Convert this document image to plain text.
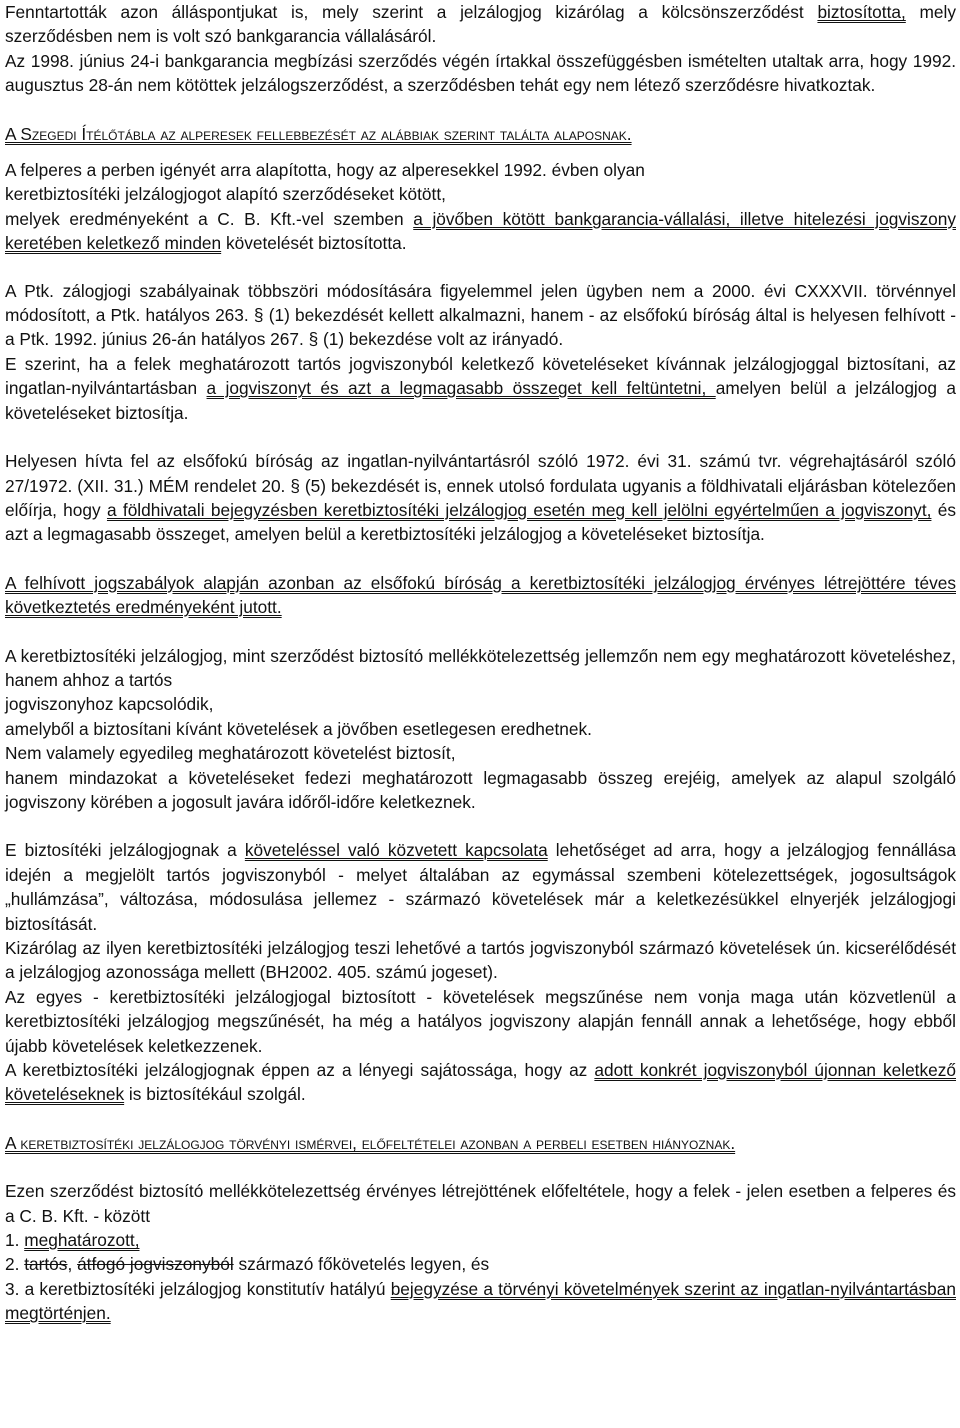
Fenntartották azon álláspontjukat is, mely szerint a jelzálogjog kizárólag a kölcsönszerződést biztosította, mely szerződésben nem is volt szó bankgarancia vállalásáról.
Az 1998. június 24-i bankgarancia megbízási szerződés végén írtakkal összefüggésben ismételten utaltak arra, hogy 1992. augusztus 28-án nem kötöttek jelzálogszerződést, a szerződésben tehát egy nem létező szerződésre hivatkoztak.

A Szegedi Ítélőtábla az alperesek fellebbezését az alábbiak szerint találta alaposnak.

A felperes a perben igényét arra alapította, hogy az alperesekkel 1992. évben olyan
keretbiztosítéki jelzálogjogot alapító szerződéseket kötött,
melyek eredményeként a C. B. Kft.-vel szemben a jövőben kötött bankgarancia-vállalási, illetve hitelezési jogviszony keretében keletkező minden követelését biztosította.

A Ptk. zálogjogi szabályainak többszöri módosítására figyelemmel jelen ügyben nem a 2000. évi CXXXVII. törvénnyel módosított, a Ptk. hatályos 263. § (1) bekezdését kellett alkalmazni, hanem - az elsőfokú bíróság által is helyesen felhívott - a Ptk. 1992. június 26-án hatályos 267. § (1) bekezdése volt az irányadó.

E szerint, ha a felek meghatározott tartós jogviszonyból keletkező követeléseket kívánnak jelzálogjoggal biztosítani, az ingatlan-nyilvántartásban a jogviszonyt és azt a legmagasabb összeget kell feltüntetni, amelyen belül a jelzálogjog a követeléseket biztosítja.

Helyesen hívta fel az elsőfokú bíróság az ingatlan-nyilvántartásról szóló 1972. évi 31. számú tvr. végrehajtásáról szóló 27/1972. (XII. 31.) MÉM rendelet 20. § (5) bekezdését is, ennek utolsó fordulata ugyanis a földhivatali eljárásban kötelezően előírja, hogy a földhivatali bejegyzésben keretbiztosítéki jelzálogjog esetén meg kell jelölni egyértelműen a jogviszonyt, és azt a legmagasabb összeget, amelyen belül a keretbiztosítéki jelzálogjog a követeléseket biztosítja.

A felhívott jogszabályok alapján azonban az elsőfokú bíróság a keretbiztosítéki jelzálogjog érvényes létrejöttére téves következtetés eredményeként jutott.

A keretbiztosítéki jelzálogjog, mint szerződést biztosító mellékkötelezettség jellemzőn nem egy meghatározott követeléshez, hanem ahhoz a tartós
jogviszonyhoz kapcsolódik,
amelyből a biztosítani kívánt követelések a jövőben esetlegesen eredhetnek.
Nem valamely egyedileg meghatározott követelést biztosít,
hanem mindazokat a követeléseket fedezi meghatározott legmagasabb összeg erejéig, amelyek az alapul szolgáló jogviszony körében a jogosult javára időről-időre keletkeznek.

E biztosítéki jelzálogjognak a követeléssel való közvetett kapcsolata lehetőséget ad arra, hogy a jelzálogjog fennállása idején a megjelölt tartós jogviszonyból - melyet általában az egymással szembeni kötelezettségek, jogosultságok „hullámzása”, változása, módosulása jellemez - származó követelések már a keletkezésükkel elnyerjék jelzálogjogi biztosítását.
Kizárólag az ilyen keretbiztosítéki jelzálogjog teszi lehetővé a tartós jogviszonyból származó követelések ún. kicserélődését a jelzálogjog azonossága mellett (BH2002. 405. számú jogeset).
Az egyes - keretbiztosítéki jelzálogjogal biztosított - követelések megszűnése nem vonja maga után közvetlenül a keretbiztosítéki jelzálogjog megszűnését, ha még a hatályos jogviszony alapján fennáll annak a lehetősége, hogy ebből újabb követelések keletkezzenek.
A keretbiztosítéki jelzálogjognak éppen az a lényegi sajátossága, hogy az adott konkrét jogviszonyból újonnan keletkező követeléseknek is biztosítékául szolgál.

A keretbiztosítéki jelzálogjog törvényi ismérvei, előfeltételei azonban a perbeli esetben hiányoznak.

Ezen szerződést biztosító mellékkötelezettség érvényes létrejöttének előfeltétele, hogy a felek - jelen esetben a felperes és a C. B. Kft. - között

1. meghatározott,
2. tartós, átfogó jogviszonyból származó főkövetelés legyen, és

3. a keretbiztosítéki jelzálogjog konstitutív hatályú bejegyzése a törvényi követelmények szerint az ingatlan-nyilvántartásban megtörténjen.
